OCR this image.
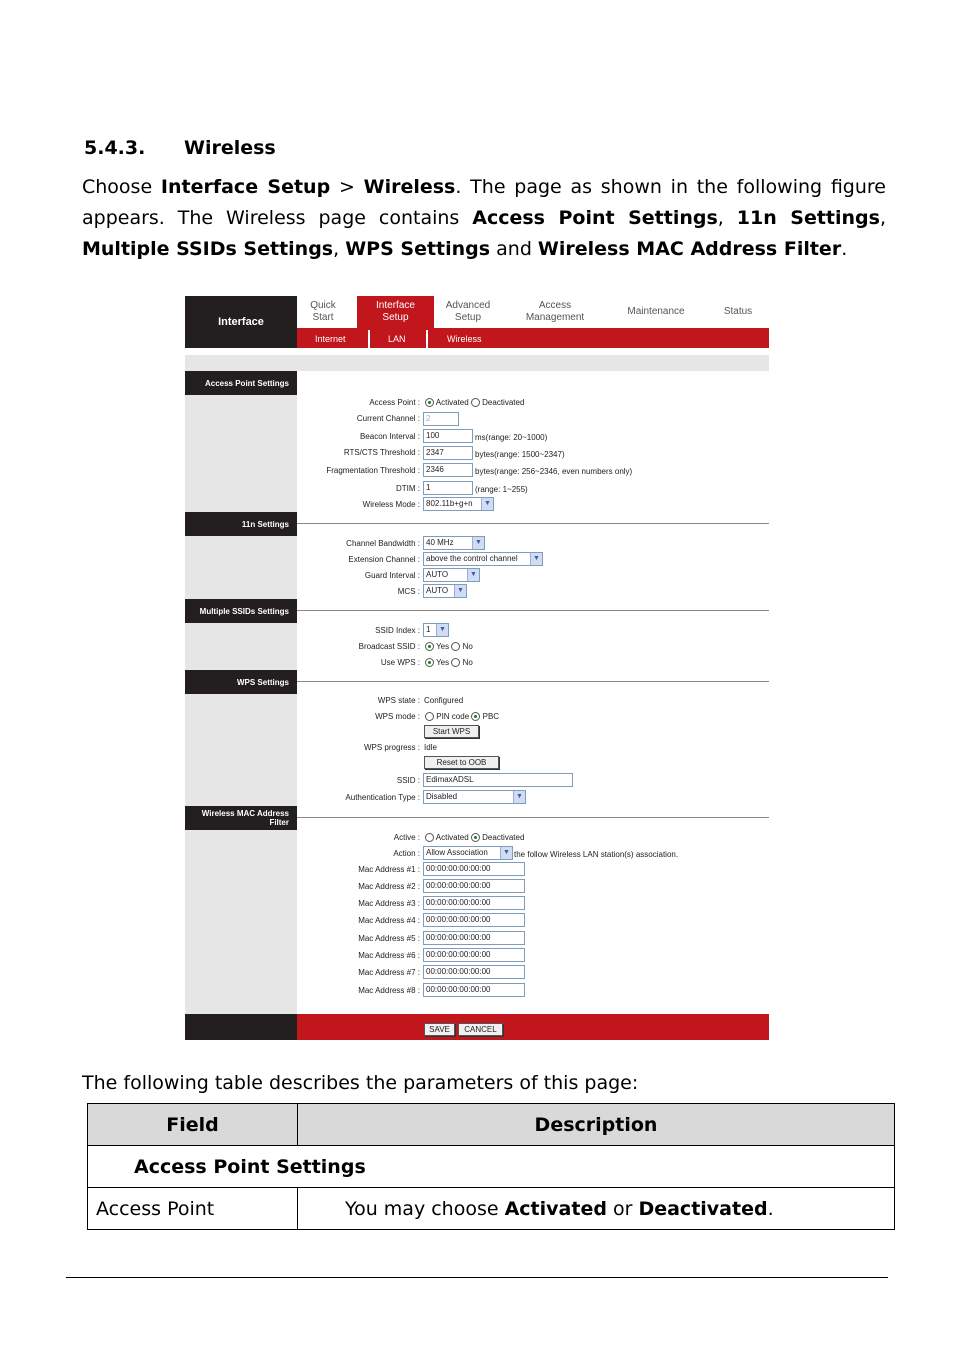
5.4.3. Wireless

Choose Interface Setup > Wireless. The page as shown in the following figure appears. The Wireless page contains Access Point Settings, 11n Settings, Multiple SSIDs Settings, WPS Settings and Wireless MAC Address Filter.

Interface
Quick
Start
Interface
Setup
Advanced
Setup
Access
Management
Maintenance	Status
Internet	LAN	Wireless
Access Point Settings
Access Point :	Activated Deactivated
Current Channel : 2
Beacon Interval : 100	ms(range: 20~1000)
RTS/CTS Threshold : 2347	bytes(range: 1500~2347)
Fragmentation Threshold : 2346	bytes(range: 256~2346, even numbers only)
DTIM : 1	(range: 1~255)
Wireless Mode : 802.11b+g+n	▼
11n Settings
Channel Bandwidth : 40 MHz	▼
Extension Channel : above the control channel	▼
Guard Interval : AUTO	▼
MCS : AUTO	▼
Multiple SSIDs Settings
SSID Index : 1	▼
Broadcast SSID :	Yes No
Use WPS :	Yes No
WPS Settings
WPS state : Configured
WPS mode :	PIN code PBC
Start WPS
WPS progress : Idle
Reset to OOB
SSID : EdimaxADSL
Authentication Type : Disabled	▼
Wireless MAC Address Filter
Active :	Activated Deactivated
Action : Allow Association	▼ the follow Wireless LAN station(s) association.
Mac Address #1 : 00:00:00:00:00:00
Mac Address #2 : 00:00:00:00:00:00
Mac Address #3 : 00:00:00:00:00:00
Mac Address #4 : 00:00:00:00:00:00
Mac Address #5 : 00:00:00:00:00:00
Mac Address #6 : 00:00:00:00:00:00
Mac Address #7 : 00:00:00:00:00:00
Mac Address #8 : 00:00:00:00:00:00
SAVE	CANCEL
The following table describes the parameters of this page:
Field	Description
Access Point Settings	
Access Point	You may choose Activated or Deactivated.
